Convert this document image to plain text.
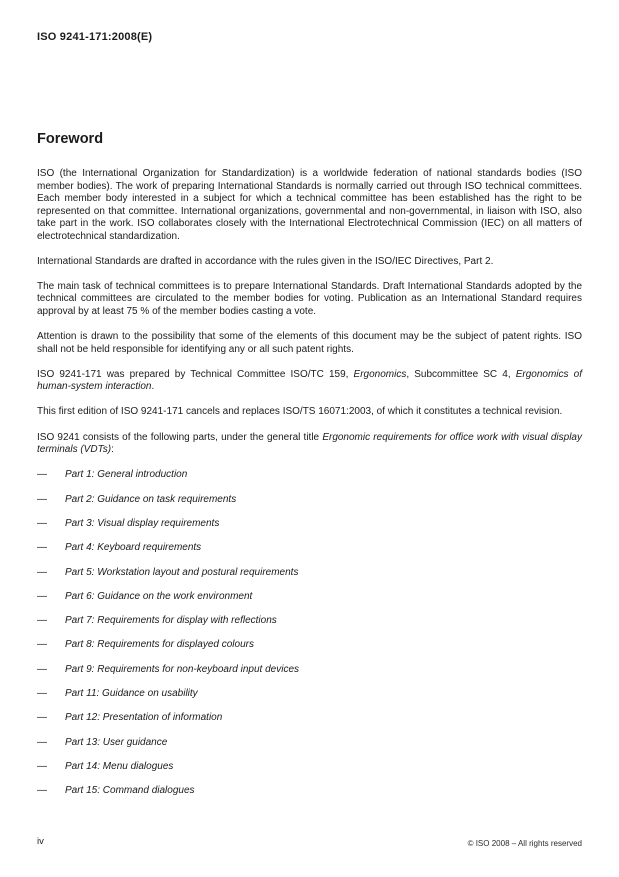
ISO 9241-171:2008(E)
Foreword

ISO (the International Organization for Standardization) is a worldwide federation of national standards bodies (ISO member bodies). The work of preparing International Standards is normally carried out through ISO technical committees. Each member body interested in a subject for which a technical committee has been established has the right to be represented on that committee. International organizations, governmental and non-governmental, in liaison with ISO, also take part in the work. ISO collaborates closely with the International Electrotechnical Commission (IEC) on all matters of electrotechnical standardization.

International Standards are drafted in accordance with the rules given in the ISO/IEC Directives, Part 2.

The main task of technical committees is to prepare International Standards. Draft International Standards adopted by the technical committees are circulated to the member bodies for voting. Publication as an International Standard requires approval by at least 75 % of the member bodies casting a vote.

Attention is drawn to the possibility that some of the elements of this document may be the subject of patent rights. ISO shall not be held responsible for identifying any or all such patent rights.

ISO 9241-171 was prepared by Technical Committee ISO/TC 159, Ergonomics, Subcommittee SC 4, Ergonomics of human-system interaction.

This first edition of ISO 9241-171 cancels and replaces ISO/TS 16071:2003, of which it constitutes a technical revision.

ISO 9241 consists of the following parts, under the general title Ergonomic requirements for office work with visual display terminals (VDTs):

— Part 1: General introduction
— Part 2: Guidance on task requirements
— Part 3: Visual display requirements
— Part 4: Keyboard requirements
— Part 5: Workstation layout and postural requirements
— Part 6: Guidance on the work environment
— Part 7: Requirements for display with reflections
— Part 8: Requirements for displayed colours
— Part 9: Requirements for non-keyboard input devices
— Part 11: Guidance on usability
— Part 12: Presentation of information
— Part 13: User guidance
— Part 14: Menu dialogues
— Part 15: Command dialogues
iv	© ISO 2008 – All rights reserved
